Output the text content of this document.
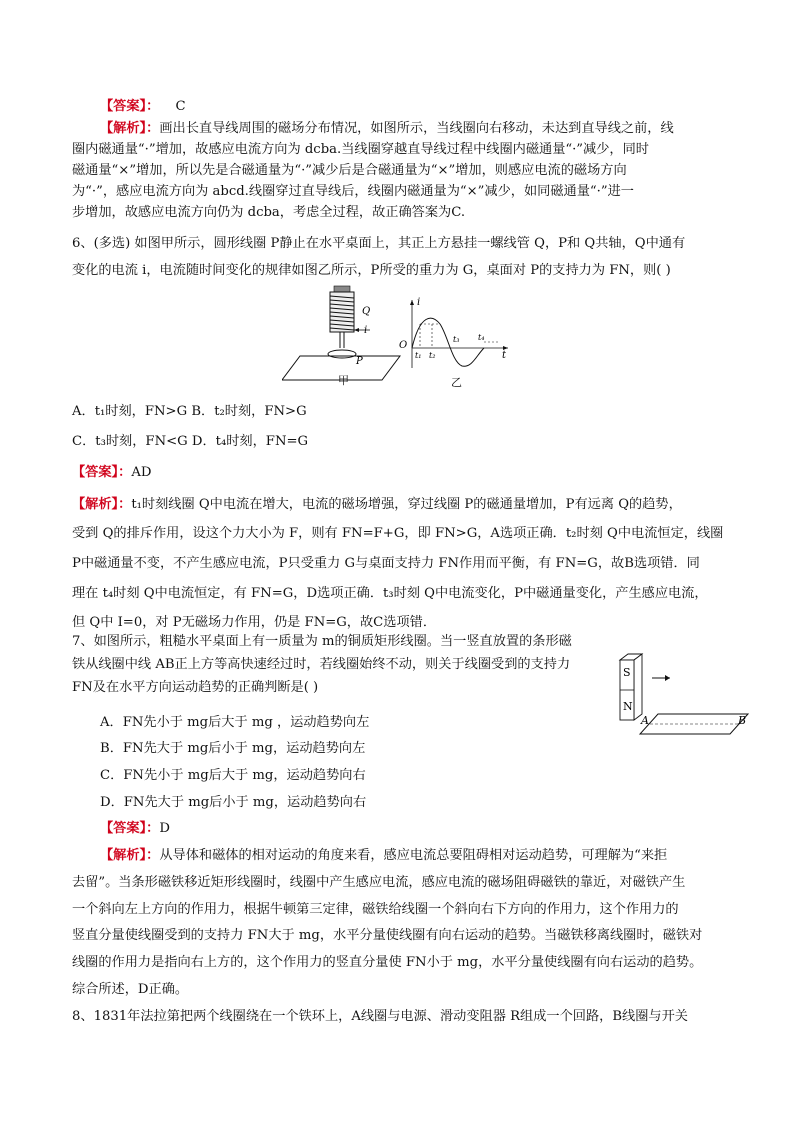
【答案】： C
【解析】：画出长直导线周围的磁场分布情况，如图所示，当线圈向右移动，未达到直导线之前，线
圈内磁通量“·”增加，故感应电流方向为 dcba.当线圈穿越直导线过程中线圈内磁通量“·”减少，同时
磁通量“×”增加，所以先是合磁通量为“·”减少后是合磁通量为“×”增加，则感应电流的磁场方向
为“·”，感应电流方向为 abcd.线圈穿过直导线后，线圈内磁通量为“×”减少，如同磁通量“·”进一
步增加，故感应电流方向仍为 dcba，考虑全过程，故正确答案为C.
6、(多选) 如图甲所示，圆形线圈 P静止在水平桌面上，其正上方悬挂一螺线管 Q，P和 Q共轴，Q中通有
变化的电流 i，电流随时间变化的规律如图乙所示，P所受的重力为 G，桌面对 P的支持力为 FN，则( )
Q
i
P
O
i
t
t₁ t₂
t₃ t₄
甲	乙
A．t₁时刻，FN>G B．t₂时刻，FN>G
C．t₃时刻，FN<G D．t₄时刻，FN=G
【答案】：AD
【解析】：t₁时刻线圈 Q中电流在增大，电流的磁场增强，穿过线圈 P的磁通量增加，P有远离 Q的趋势，
受到 Q的排斥作用，设这个力大小为 F，则有 FN=F+G，即 FN>G，A选项正确．t₂时刻 Q中电流恒定，线圈
P中磁通量不变，不产生感应电流，P只受重力 G与桌面支持力 FN作用而平衡，有 FN=G，故B选项错．同
理在 t₄时刻 Q中电流恒定，有 FN=G，D选项正确．t₃时刻 Q中电流变化，P中磁通量变化，产生感应电流，
但 Q中 I=0，对 P无磁场力作用，仍是 FN=G，故C选项错．
7、如图所示，粗糙水平桌面上有一质量为 m的铜质矩形线圈。当一竖直放置的条形磁
铁从线圈中线 AB正上方等高快速经过时，若线圈始终不动，则关于线圈受到的支持力
FN及在水平方向运动趋势的正确判断是( )
A．FN先小于 mg后大于 mg ，运动趋势向左
B．FN先大于 mg后小于 mg，运动趋势向左
C．FN先小于 mg后大于 mg，运动趋势向右
D．FN先大于 mg后小于 mg，运动趋势向右
S
N
A	B
【答案】：D
【解析】：从导体和磁体的相对运动的角度来看，感应电流总要阻碍相对运动趋势，可理解为“来拒
去留”。当条形磁铁移近矩形线圈时，线圈中产生感应电流，感应电流的磁场阻碍磁铁的靠近，对磁铁产生
一个斜向左上方向的作用力，根据牛顿第三定律，磁铁给线圈一个斜向右下方向的作用力，这个作用力的
竖直分量使线圈受到的支持力 FN大于 mg，水平分量使线圈有向右运动的趋势。当磁铁移离线圈时，磁铁对
线圈的作用力是指向右上方的，这个作用力的竖直分量使 FN小于 mg，水平分量使线圈有向右运动的趋势。
综合所述，D正确。
8、1831年法拉第把两个线圈绕在一个铁环上，A线圈与电源、滑动变阻器 R组成一个回路，B线圈与开关
